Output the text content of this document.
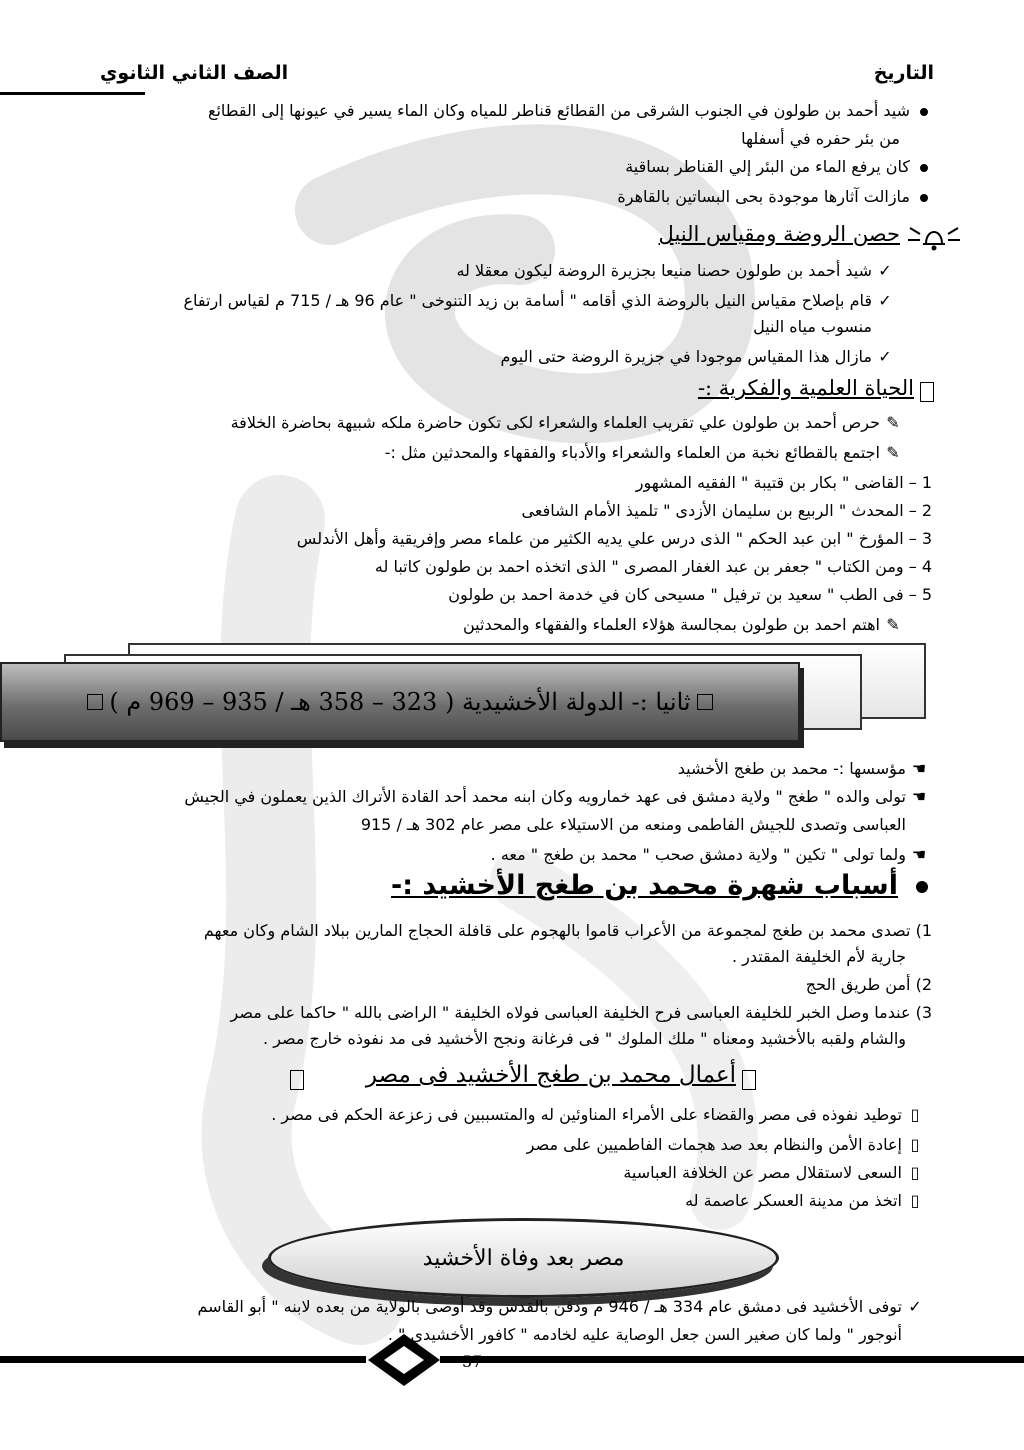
الصف الثاني الثانوي	التاريخ
شيد أحمد بن طولون في الجنوب الشرقى من القطائع قناطر للمياه وكان الماء يسير في عيونها إلى القطائع
من بئر حفره في أسفلها
كان يرفع الماء من البئر إلي القناطر بساقية
مازالت آثارها موجودة بحى البساتين بالقاهرة
حصن الروضة ومقياس النيل
✓شيد أحمد بن طولون حصنا منيعا بجزيرة الروضة ليكون معقلا له
✓قام بإصلاح مقياس النيل بالروضة الذي أقامه " أسامة بن زيد التنوخى " عام 96 هـ / 715 م لقياس ارتفاع
منسوب مياه النيل
✓مازال هذا المقياس موجودا في جزيرة الروضة حتى اليوم
الحياة العلمية والفكرية :-
✎حرص أحمد بن طولون علي تقريب العلماء والشعراء لكى تكون حاضرة ملكه شبيهة بحاضرة الخلافة
✎اجتمع بالقطائع نخبة من العلماء والشعراء والأدباء والفقهاء والمحدثين مثل :-
1 – القاضى " بكار بن قتيبة " الفقيه المشهور
2 – المحدث " الربيع بن سليمان الأزدى " تلميذ الأمام الشافعى
3 – المؤرخ " ابن عبد الحكم " الذى درس علي يديه الكثير من علماء مصر وإفريقية وأهل الأندلس
4 – ومن الكتاب " جعفر بن عبد الغفار المصرى " الذى اتخذه احمد بن طولون كاتبا له
5 – فى الطب " سعيد بن ترفيل " مسيحى كان في خدمة احمد بن طولون
✎اهتم احمد بن طولون بمجالسة هؤلاء العلماء والفقهاء والمحدثين
ثانيا :- الدولة الأخشيدية ( 323 – 358 هـ / 935 – 969 م )
☚مؤسسها :- محمد بن طغج الأخشيد
☚تولى والده " طغج " ولاية دمشق فى عهد خمارويه وكان ابنه محمد أحد القادة الأتراك الذين يعملون في الجيش
العباسى وتصدى للجيش الفاطمى ومنعه من الاستيلاء على مصر عام 302 هـ / 915
☚ولما تولى " تكين " ولاية دمشق صحب " محمد بن طغج " معه .
أسباب شهرة محمد بن طغج الأخشيد :-
1) تصدى محمد بن طغج لمجموعة من الأعراب قاموا بالهجوم على قافلة الحجاج المارين ببلاد الشام وكان معهم
جارية لأم الخليفة المقتدر .
2) أمن طريق الحج
3) عندما وصل الخبر للخليفة العباسى فرح الخليفة العباسى فولاه الخليفة " الراضى بالله " حاكما على مصر
والشام ولقبه بالأخشيد ومعناه " ملك الملوك " فى فرغانة ونجح الأخشيد فى مد نفوذه خارج مصر .
أعمال محمد بن طغج الأخشيد فى مصر
▯توطيد نفوذه فى مصر والقضاء على الأمراء المناوئين له والمتسببين فى زعزعة الحكم فى مصر .
▯إعادة الأمن والنظام بعد صد هجمات الفاطميين على مصر
▯السعى لاستقلال مصر عن الخلافة العباسية
▯اتخذ من مدينة العسكر عاصمة له
مصر بعد وفاة الأخشيد
✓توفى الأخشيد فى دمشق عام 334 هـ / 946 م ودفن بالقدس وقد أوصى بالولاية من بعده لابنه " أبو القاسم
أنوجور " ولما كان صغير السن جعل الوصاية عليه لخادمه " كافور الأخشيدي " .
57
